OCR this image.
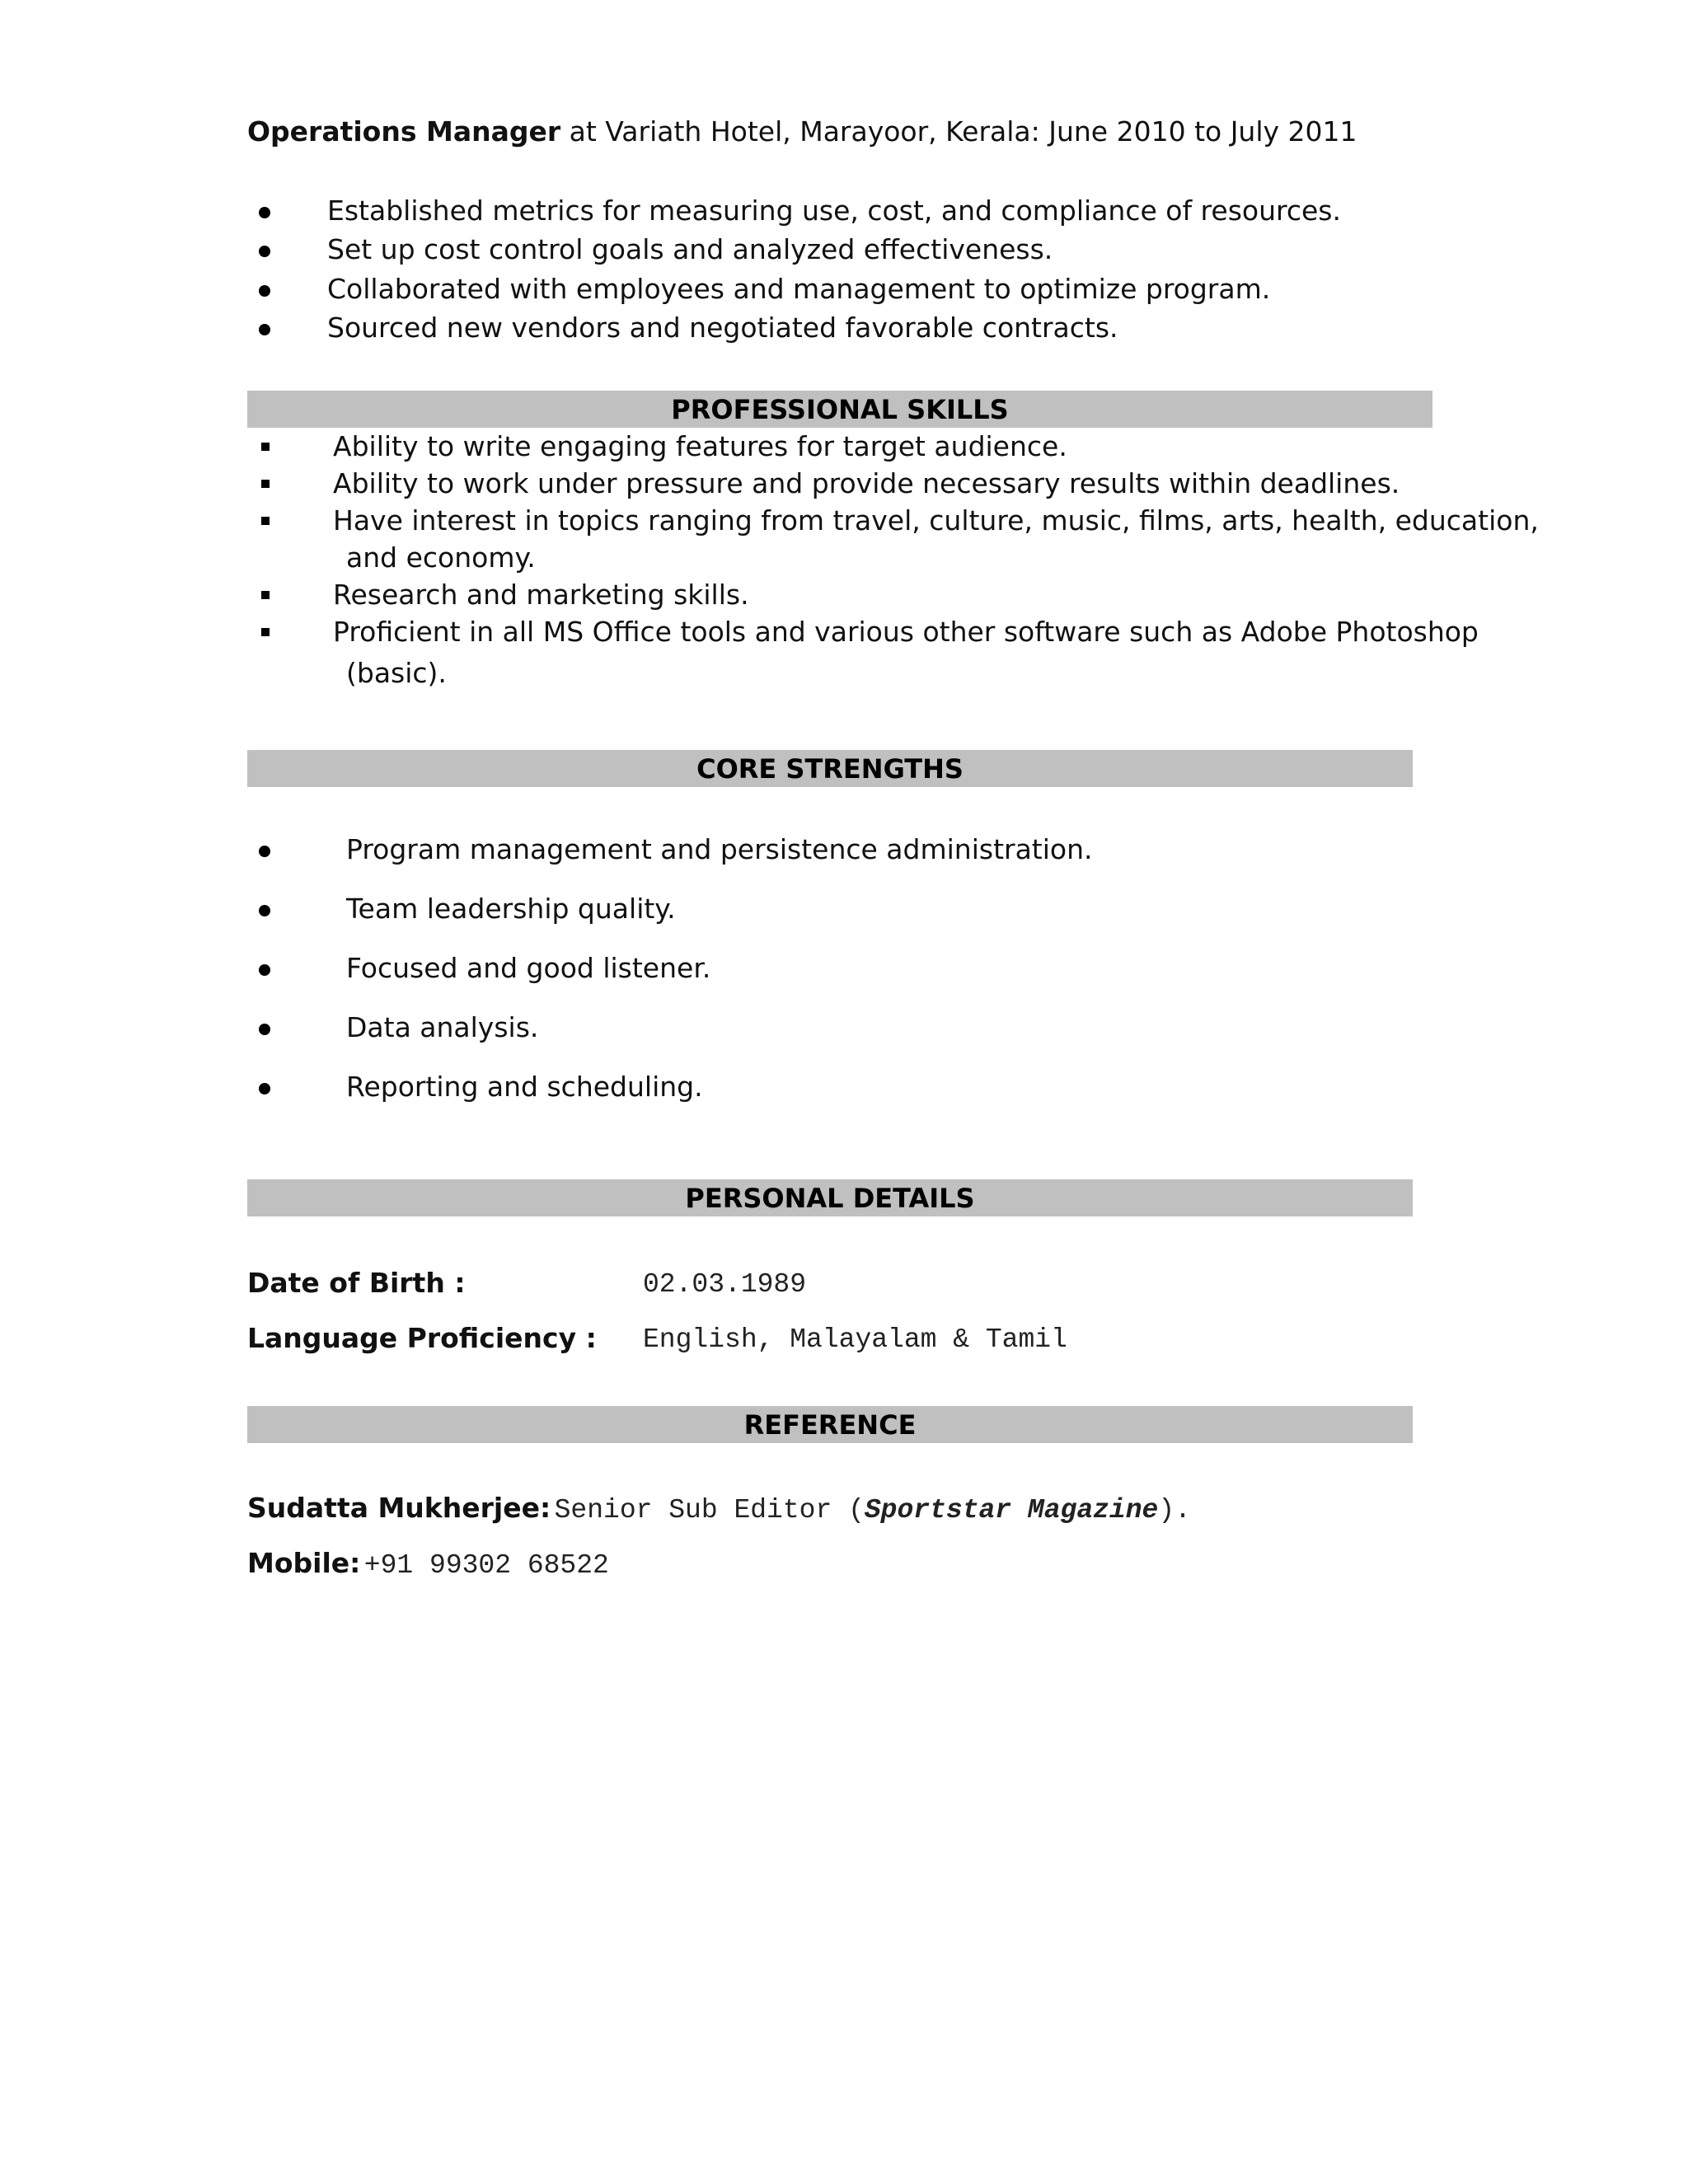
Operations Manager at Variath Hotel, Marayoor, Kerala: June 2010 to July 2011
Established metrics for measuring use, cost, and compliance of resources.
Set up cost control goals and analyzed effectiveness.
Collaborated with employees and management to optimize program.
Sourced new vendors and negotiated favorable contracts.
PROFESSIONAL SKILLS
Ability to write engaging features for target audience.
Ability to work under pressure and provide necessary results within deadlines.
Have interest in topics ranging from travel, culture, music, films, arts, health, education,
and economy.
Research and marketing skills.
Proficient in all MS Office tools and various other software such as Adobe Photoshop
(basic).
CORE STRENGTHS
Program management and persistence administration.
Team leadership quality.
Focused and good listener.
Data analysis.
Reporting and scheduling.
PERSONAL DETAILS
Date of Birth :	02.03.1989
Language Proficiency : English, Malayalam & Tamil
REFERENCE
Sudatta Mukherjee: Senior Sub Editor (Sportstar Magazine).
Mobile: +91 99302 68522
